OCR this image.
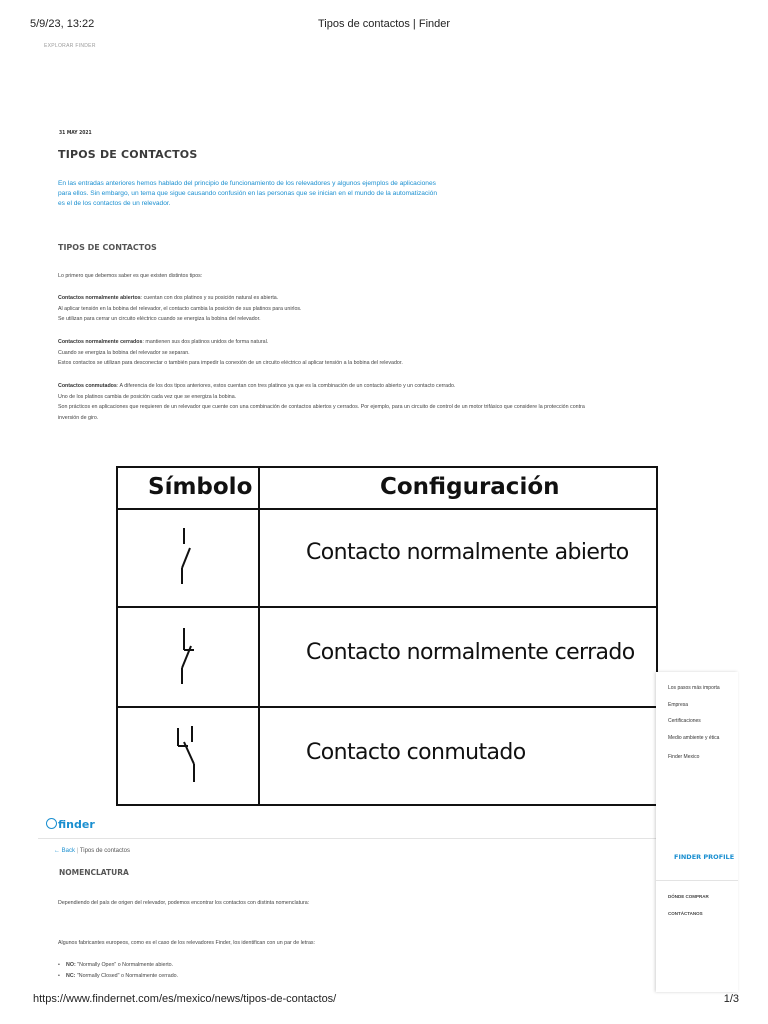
5/9/23, 13:22	Tipos de contactos | Finder
EXPLORAR FINDER
31 MAY 2021
TIPOS DE CONTACTOS
En las entradas anteriores hemos hablado del principio de funcionamiento de los relevadores y algunos ejemplos de aplicaciones
para ellos. Sin embargo, un tema que sigue causando confusión en las personas que se inician en el mundo de la automatización
es el de los contactos de un relevador.
TIPOS DE CONTACTOS
Lo primero que debemos saber es que existen distintos tipos:
Contactos normalmente abiertos: cuentan con dos platinos y su posición natural es abierta.
Al aplicar tensión en la bobina del relevador, el contacto cambia la posición de sus platinos para unirlos.
Se utilizan para cerrar un circuito eléctrico cuando se energiza la bobina del relevador.
Contactos normalmente cerrados: mantienen sus dos platinos unidos de forma natural.
Cuando se energiza la bobina del relevador se separan.
Estos contactos se utilizan para desconectar o también para impedir la conexión de un circuito eléctrico al aplicar tensión a la bobina del relevador.
Contactos conmutados: A diferencia de los dos tipos anteriores, estos cuentan con tres platinos ya que es la combinación de un contacto abierto y un contacto cerrado.
Uno de los platinos cambia de posición cada vez que se energiza la bobina.
Son prácticos en aplicaciones que requieren de un relevador que cuente con una combinación de contactos abiertos y cerrados. Por ejemplo, para un circuito de control de un motor trifásico que considere la protección contra
inversión de giro.
Símbolo	Configuración
Contacto normalmente abierto
Contacto normalmente cerrado
Contacto conmutado
finder
← Back | Tipos de contactos
NOMENCLATURA
Dependiendo del país de origen del relevador, podemos encontrar los contactos con distinta nomenclatura:
Algunos fabricantes europeos, como es el caso de los relevadores Finder, los identifican con un par de letras:
• NO: "Normally Open" o Normalmente abierto.
• NC: "Normally Closed" o Normalmente cerrado.
Los pasos más importa
Empresa
Certificaciones
Medio ambiente y ética
Finder Mexico
FINDER PROFILE
DÓNDE COMPRAR
CONTÁCTANOS
https://www.findernet.com/es/mexico/news/tipos-de-contactos/	1/3
